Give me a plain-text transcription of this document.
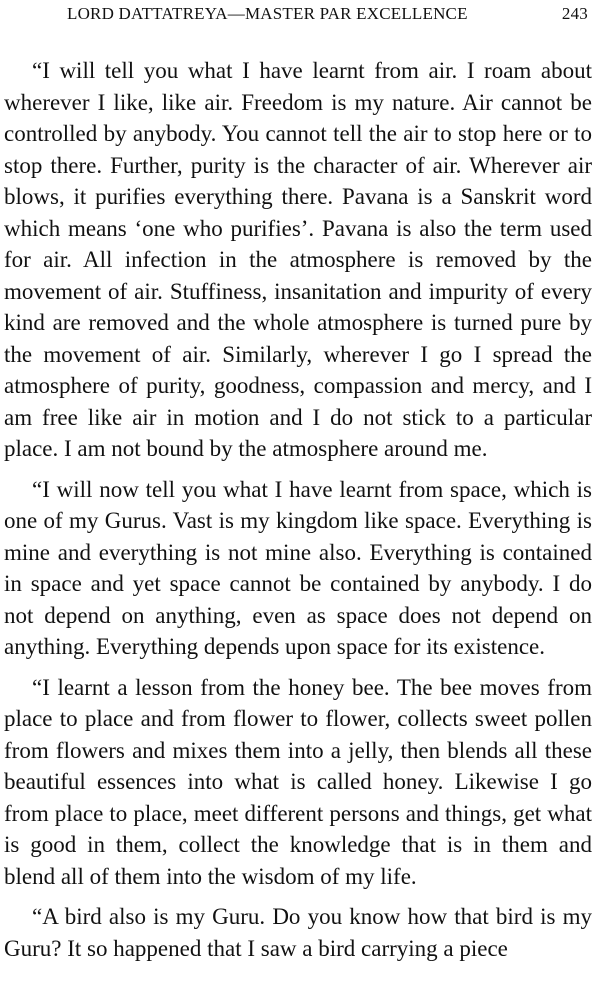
LORD DATTATREYA—MASTER PAR EXCELLENCE	243

“I will tell you what I have learnt from air. I roam about wherever I like, like air. Freedom is my nature. Air cannot be controlled by anybody. You cannot tell the air to stop here or to stop there. Further, purity is the character of air. Wherever air blows, it purifies everything there. Pavana is a Sanskrit word which means ‘one who purifies’. Pavana is also the term used for air. All infection in the atmosphere is removed by the movement of air. Stuffiness, insanitation and impurity of every kind are removed and the whole atmosphere is turned pure by the movement of air. Similarly, wherever I go I spread the atmosphere of purity, goodness, compassion and mercy, and I am free like air in motion and I do not stick to a particular place. I am not bound by the atmosphere around me.

“I will now tell you what I have learnt from space, which is one of my Gurus. Vast is my kingdom like space. Everything is mine and everything is not mine also. Everything is contained in space and yet space cannot be contained by anybody. I do not depend on anything, even as space does not depend on anything. Everything depends upon space for its existence.

“I learnt a lesson from the honey bee. The bee moves from place to place and from flower to flower, collects sweet pollen from flowers and mixes them into a jelly, then blends all these beautiful essences into what is called honey. Likewise I go from place to place, meet different persons and things, get what is good in them, collect the knowledge that is in them and blend all of them into the wisdom of my life.

“A bird also is my Guru. Do you know how that bird is my Guru? It so happened that I saw a bird carrying a piece
